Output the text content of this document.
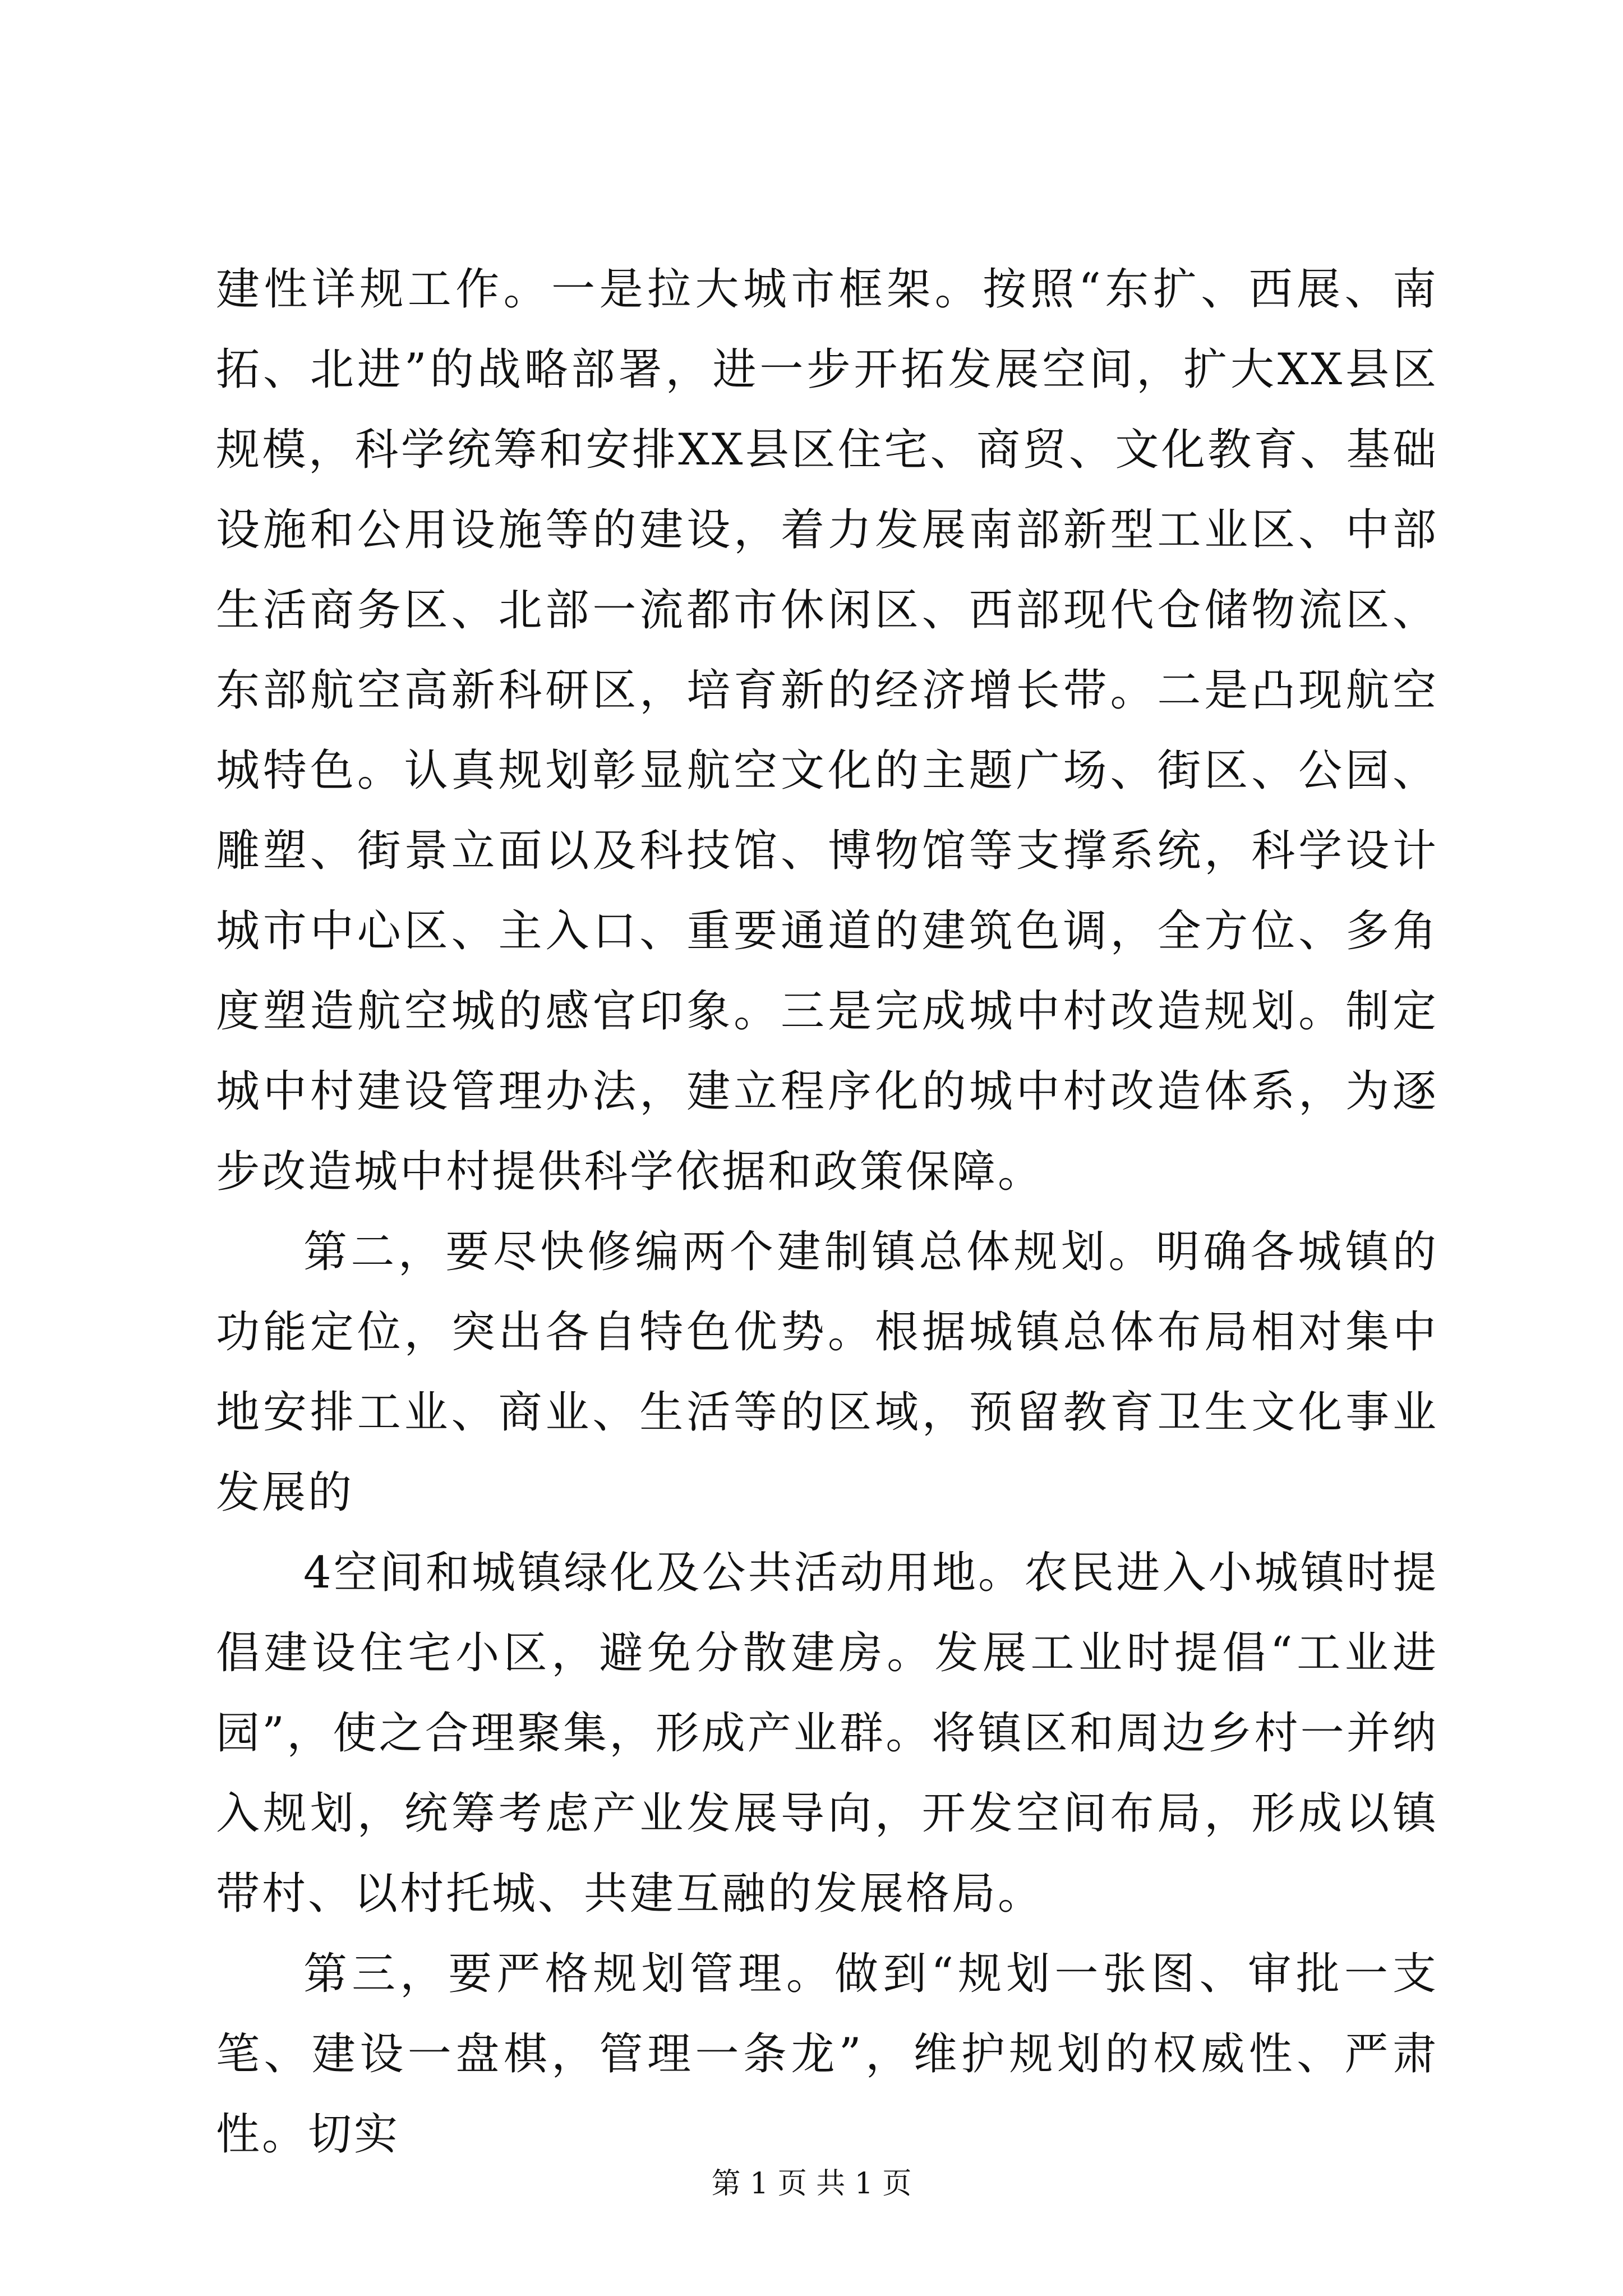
建性详规工作。一是拉大城市框架。按照“东扩、西展、南拓、北进”的战略部署，进一步开拓发展空间，扩大XX县区规模，科学统筹和安排XX县区住宅、商贸、文化教育、基础设施和公用设施等的建设，着力发展南部新型工业区、中部生活商务区、北部一流都市休闲区、西部现代仓储物流区、东部航空高新科研区，培育新的经济增长带。二是凸现航空城特色。认真规划彰显航空文化的主题广场、街区、公园、雕塑、街景立面以及科技馆、博物馆等支撑系统，科学设计城市中心区、主入口、重要通道的建筑色调，全方位、多角度塑造航空城的感官印象。三是完成城中村改造规划。制定城中村建设管理办法，建立程序化的城中村改造体系，为逐步改造城中村提供科学依据和政策保障。

第二，要尽快修编两个建制镇总体规划。明确各城镇的功能定位，突出各自特色优势。根据城镇总体布局相对集中地安排工业、商业、生活等的区域，预留教育卫生文化事业发展的

4空间和城镇绿化及公共活动用地。农民进入小城镇时提倡建设住宅小区，避免分散建房。发展工业时提倡“工业进园”，使之合理聚集，形成产业群。将镇区和周边乡村一并纳入规划，统筹考虑产业发展导向，开发空间布局，形成以镇带村、以村托城、共建互融的发展格局。

第三，要严格规划管理。做到“规划一张图、审批一支笔、建设一盘棋，管理一条龙”，维护规划的权威性、严肃性。切实

第 1 页 共 1 页
